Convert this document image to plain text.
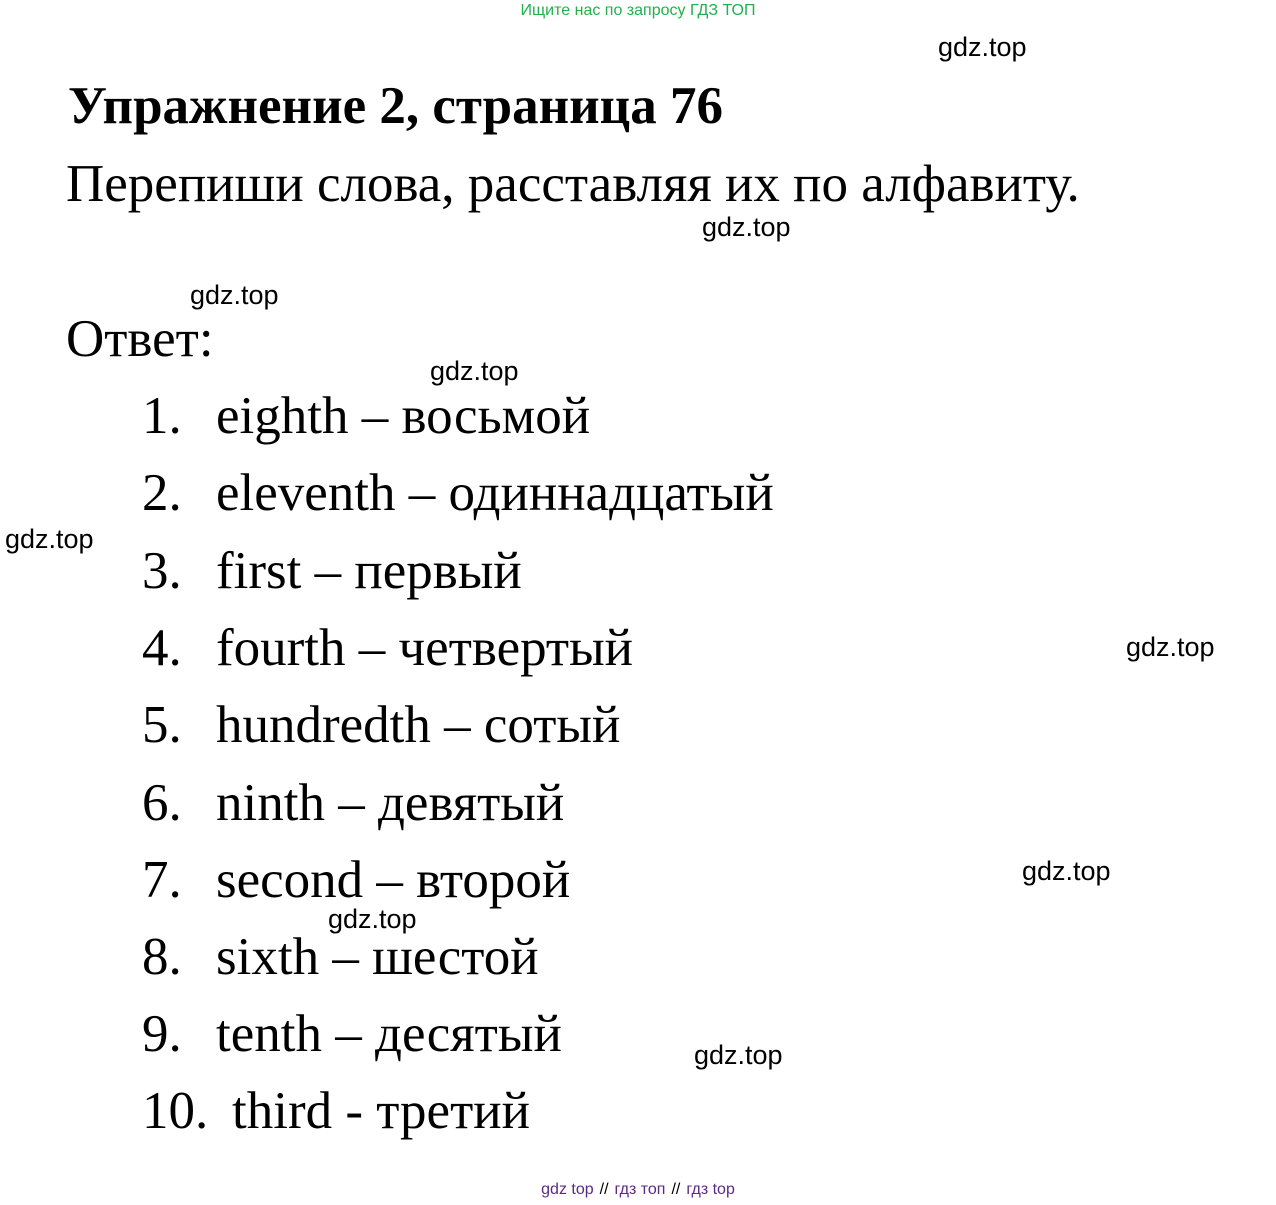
Ищите нас по запросу ГДЗ ТОП
gdz.top
Упражнение 2, страница 76
Перепиши слова, расставляя их по алфавиту.
gdz.top
gdz.top
Ответ:
gdz.top
1. eighth – восьмой
2. eleventh – одиннадцатый
3. first – первый
4. fourth – четвертый
5. hundredth – сотый
6. ninth – девятый
7. second – второй
8. sixth – шестой
9. tenth – десятый
10. third - третий
gdz.top
gdz.top
gdz.top
gdz.top
gdz.top
gdz top // гдз топ // гдз top
